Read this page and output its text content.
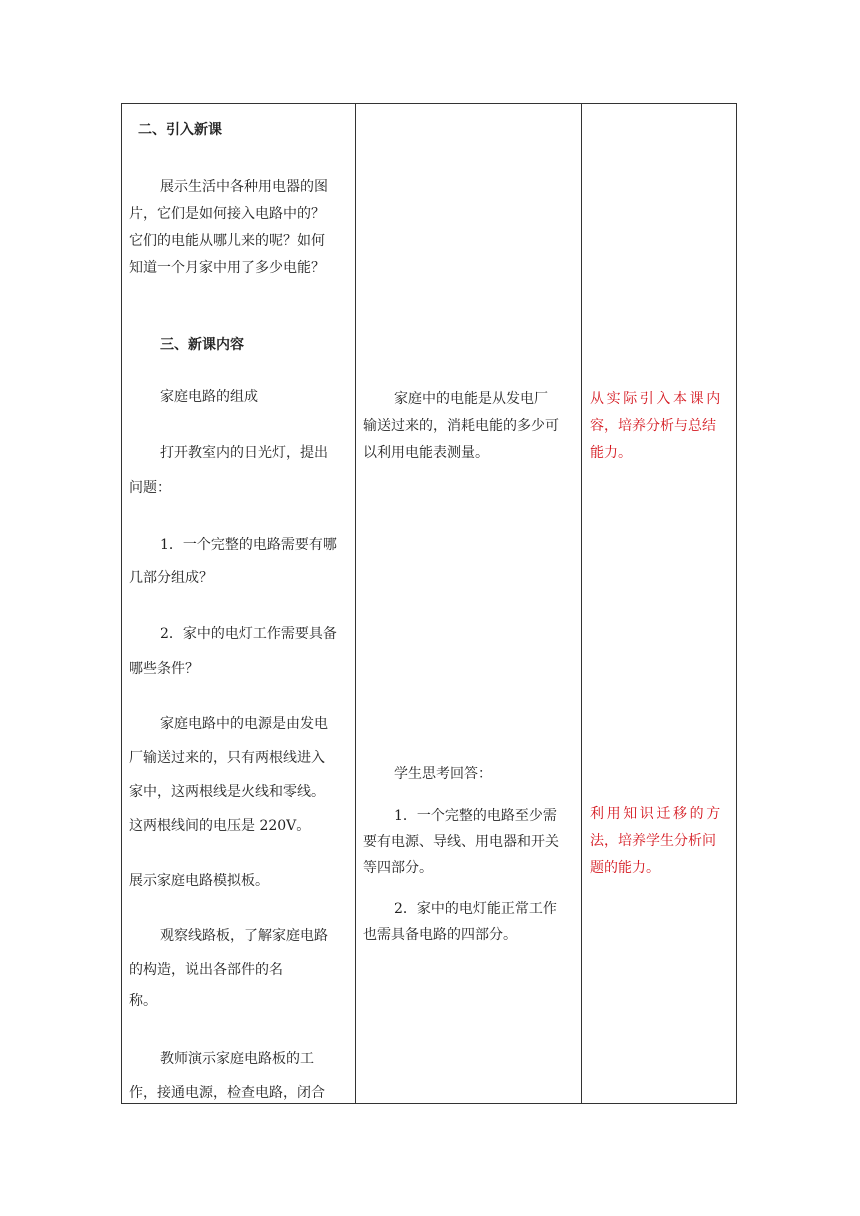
二、引入新课
展示生活中各种用电器的图
片，它们是如何接入电路中的？
它们的电能从哪儿来的呢？如何
知道一个月家中用了多少电能？
三、新课内容
家庭电路的组成
打开教室内的日光灯，提出
问题：
1．一个完整的电路需要有哪
几部分组成？
2．家中的电灯工作需要具备
哪些条件？
家庭电路中的电源是由发电
厂输送过来的，只有两根线进入
家中，这两根线是火线和零线。
这两根线间的电压是 220V。
展示家庭电路模拟板。
观察线路板，了解家庭电路
的构造，说出各部件的名
称。
教师演示家庭电路板的工
作，接通电源，检查电路，闭合
家庭中的电能是从发电厂
输送过来的，消耗电能的多少可
以利用电能表测量。
学生思考回答：
1．一个完整的电路至少需
要有电源、导线、用电器和开关
等四部分。
2．家中的电灯能正常工作
也需具备电路的四部分。
从实际引入本课内
容，培养分析与总结
能力。
利用知识迁移的方
法，培养学生分析问
题的能力。
